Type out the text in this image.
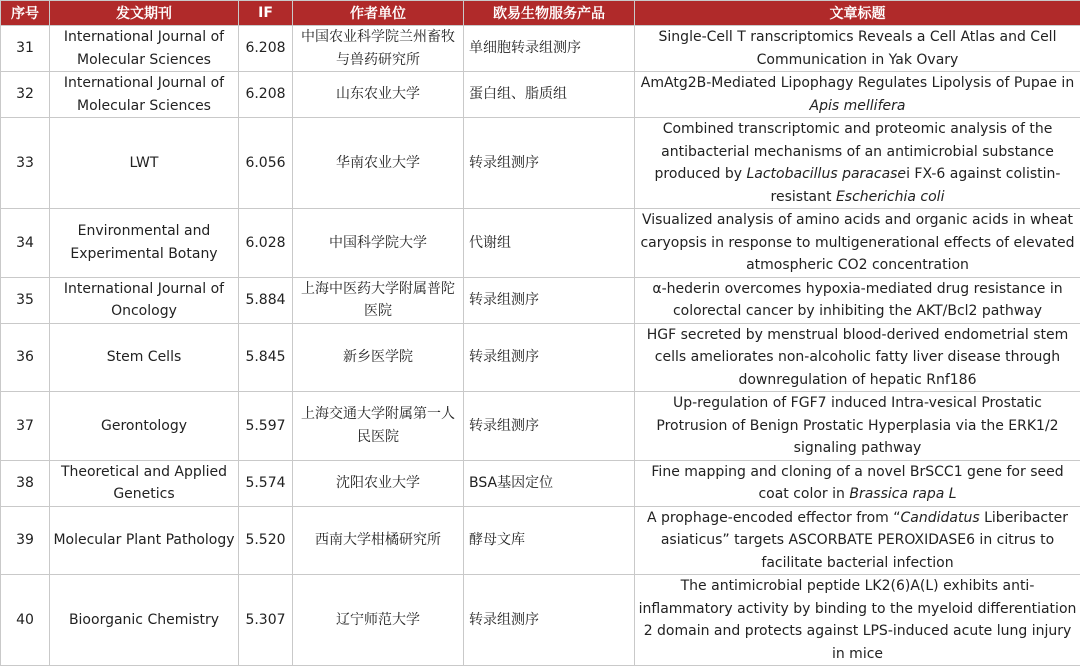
序号	发文期刊	IF	作者单位	欧易生物服务产品	文章标题
31	International Journal of Molecular Sciences	6.208	中国农业科学院兰州畜牧与兽药研究所	单细胞转录组测序	Single-Cell T ranscriptomics Reveals a Cell Atlas and Cell Communication in Yak Ovary
32	International Journal of Molecular Sciences	6.208	山东农业大学	蛋白组、脂质组	AmAtg2B-Mediated Lipophagy Regulates Lipolysis of Pupae in Apis mellifera
33	LWT	6.056	华南农业大学	转录组测序	Combined transcriptomic and proteomic analysis of the antibacterial mechanisms of an antimicrobial substance produced by Lactobacillus paracasei FX-6 against colistin-resistant Escherichia coli
34	Environmental and Experimental Botany	6.028	中国科学院大学	代谢组	Visualized analysis of amino acids and organic acids in wheat caryopsis in response to multigenerational effects of elevated atmospheric CO2 concentration
35	International Journal of Oncology	5.884	上海中医药大学附属普陀医院	转录组测序	α-hederin overcomes hypoxia-mediated drug resistance in colorectal cancer by inhibiting the AKT/Bcl2 pathway
36	Stem Cells	5.845	新乡医学院	转录组测序	HGF secreted by menstrual blood-derived endometrial stem cells ameliorates non-alcoholic fatty liver disease through downregulation of hepatic Rnf186
37	Gerontology	5.597	上海交通大学附属第一人民医院	转录组测序	Up-regulation of FGF7 induced Intra-vesical Prostatic Protrusion of Benign Prostatic Hyperplasia via the ERK1/2 signaling pathway
38	Theoretical and Applied Genetics	5.574	沈阳农业大学	BSA基因定位	Fine mapping and cloning of a novel BrSCC1 gene for seed coat color in Brassica rapa L
39	Molecular Plant Pathology	5.520	西南大学柑橘研究所	酵母文库	A prophage-encoded effector from “Candidatus Liberibacter asiaticus” targets ASCORBATE PEROXIDASE6 in citrus to facilitate bacterial infection
40	Bioorganic Chemistry	5.307	辽宁师范大学	转录组测序	The antimicrobial peptide LK2(6)A(L) exhibits anti-inflammatory activity by binding to the myeloid differentiation 2 domain and protects against LPS-induced acute lung injury in mice
